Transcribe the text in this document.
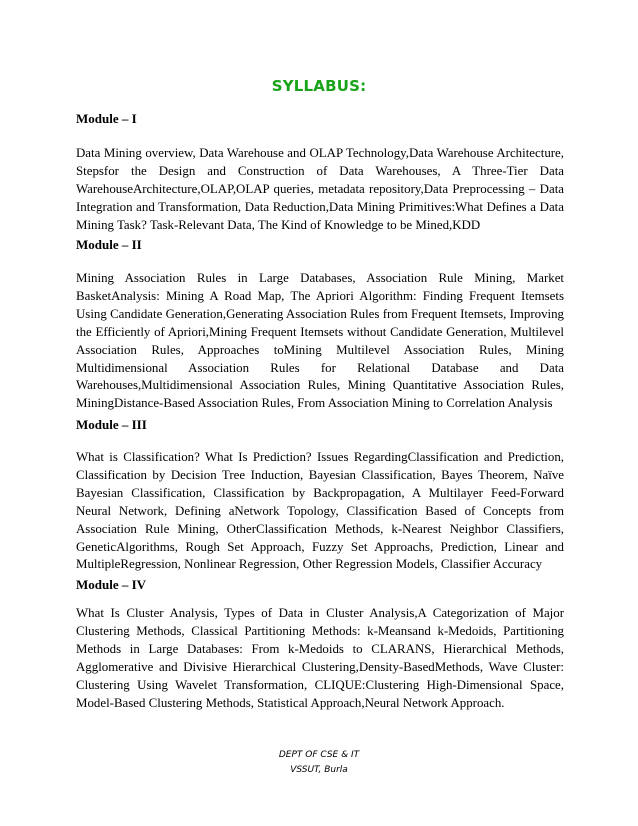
SYLLABUS:
Module – I

Data Mining overview, Data Warehouse and OLAP Technology,Data Warehouse Architecture, Stepsfor the Design and Construction of Data Warehouses, A Three-Tier Data WarehouseArchitecture,OLAP,OLAP queries, metadata repository,Data Preprocessing – Data Integration and Transformation, Data Reduction,Data Mining Primitives:What Defines a Data Mining Task? Task-Relevant Data, The Kind of Knowledge to be Mined,KDD

Module – II

Mining Association Rules in Large Databases, Association Rule Mining, Market BasketAnalysis: Mining A Road Map, The Apriori Algorithm: Finding Frequent Itemsets Using Candidate Generation,Generating Association Rules from Frequent Itemsets, Improving the Efficiently of Apriori,Mining Frequent Itemsets without Candidate Generation, Multilevel Association Rules, Approaches toMining Multilevel Association Rules, Mining Multidimensional Association Rules for Relational Database and Data Warehouses,Multidimensional Association Rules, Mining Quantitative Association Rules, MiningDistance-Based Association Rules, From Association Mining to Correlation Analysis

Module – III

What is Classification? What Is Prediction? Issues RegardingClassification and Prediction, Classification by Decision Tree Induction, Bayesian Classification, Bayes Theorem, Naïve Bayesian Classification, Classification by Backpropagation, A Multilayer Feed-Forward Neural Network, Defining aNetwork Topology, Classification Based of Concepts from Association Rule Mining, OtherClassification Methods, k-Nearest Neighbor Classifiers, GeneticAlgorithms, Rough Set Approach, Fuzzy Set Approachs, Prediction, Linear and MultipleRegression, Nonlinear Regression, Other Regression Models, Classifier Accuracy

Module – IV

What Is Cluster Analysis, Types of Data in Cluster Analysis,A Categorization of Major Clustering Methods, Classical Partitioning Methods: k-Meansand k-Medoids, Partitioning Methods in Large Databases: From k-Medoids to CLARANS, Hierarchical Methods, Agglomerative and Divisive Hierarchical Clustering,Density-BasedMethods, Wave Cluster: Clustering Using Wavelet Transformation, CLIQUE:Clustering High-Dimensional Space, Model-Based Clustering Methods, Statistical Approach,Neural Network Approach.

DEPT OF CSE & IT
VSSUT, Burla
